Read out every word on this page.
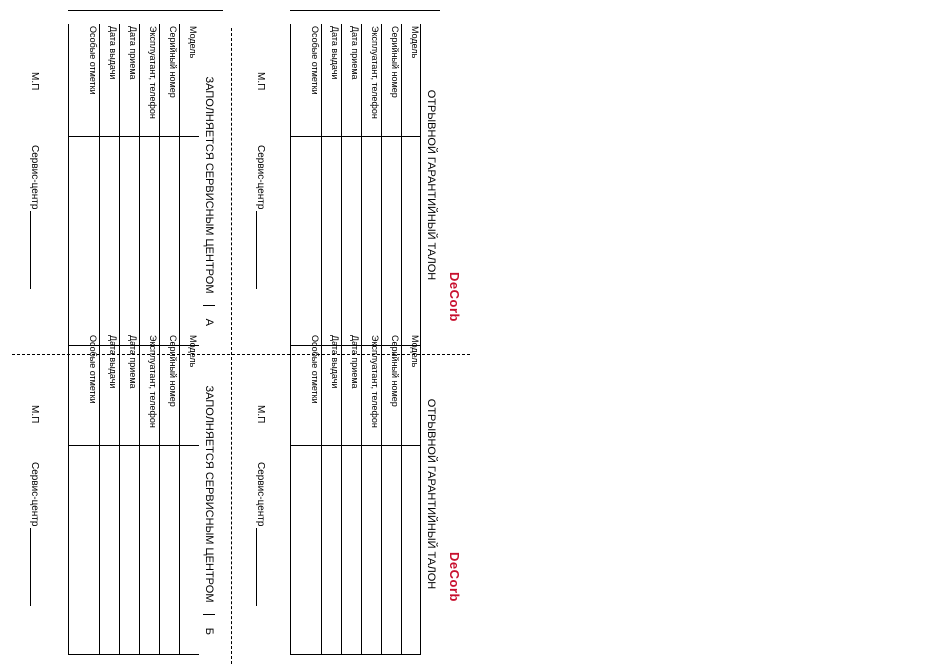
ОТРЫВНОЙ ГАРАНТИЙНЫЙ ТАЛОН
Модель
Серийный номер
Эксплуатант, телефон
Дата приема
Дата выдачи
Особые отметки
ОТРЫВНОЙ ГАРАНТИЙНЫЙ ТАЛОН
Модель
Серийный номер
Эксплуатант, телефон
Дата приема
Дата выдачи
Особые отметки
ЗАПОЛНЯЕТСЯ СЕРВИСНЫМ ЦЕНТРОМ
А
Модель
Серийный номер
Эксплуатант, телефон
Дата приема
Дата выдачи
Особые отметки
ЗАПОЛНЯЕТСЯ СЕРВИСНЫМ ЦЕНТРОМ
Б
Модель
Серийный номер
Эксплуатант, телефон
Дата приема
Дата выдачи
Особые отметки
М.П
Сервис-центр
М.П
Сервис-центр
М.П
Сервис-центр
М.П
Сервис-центр
DeCorb
DeCorb
